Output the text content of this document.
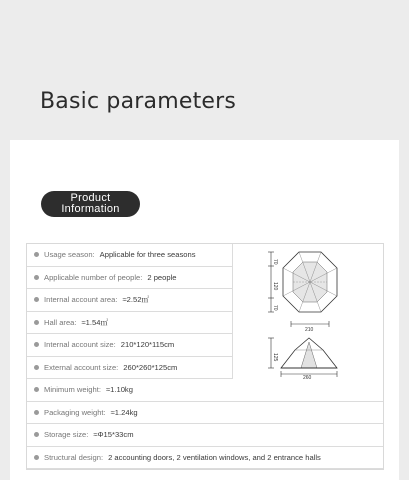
Basic parameters
Product
Information
Usage season: Applicable for three seasons
Applicable number of people: 2 people
Internal account area: ≈2.52㎡
Hall area: ≈1.54㎡
Internal account size: 210*120*115cm
External account size: 260*260*125cm
Minimum weight: ≈1.10kg
Packaging weight: ≈1.24kg
Storage size: ≈Φ15*33cm
Structural design: 2 accounting doors, 2 ventilation windows, and 2 entrance halls
70
120
70
210
125
260
